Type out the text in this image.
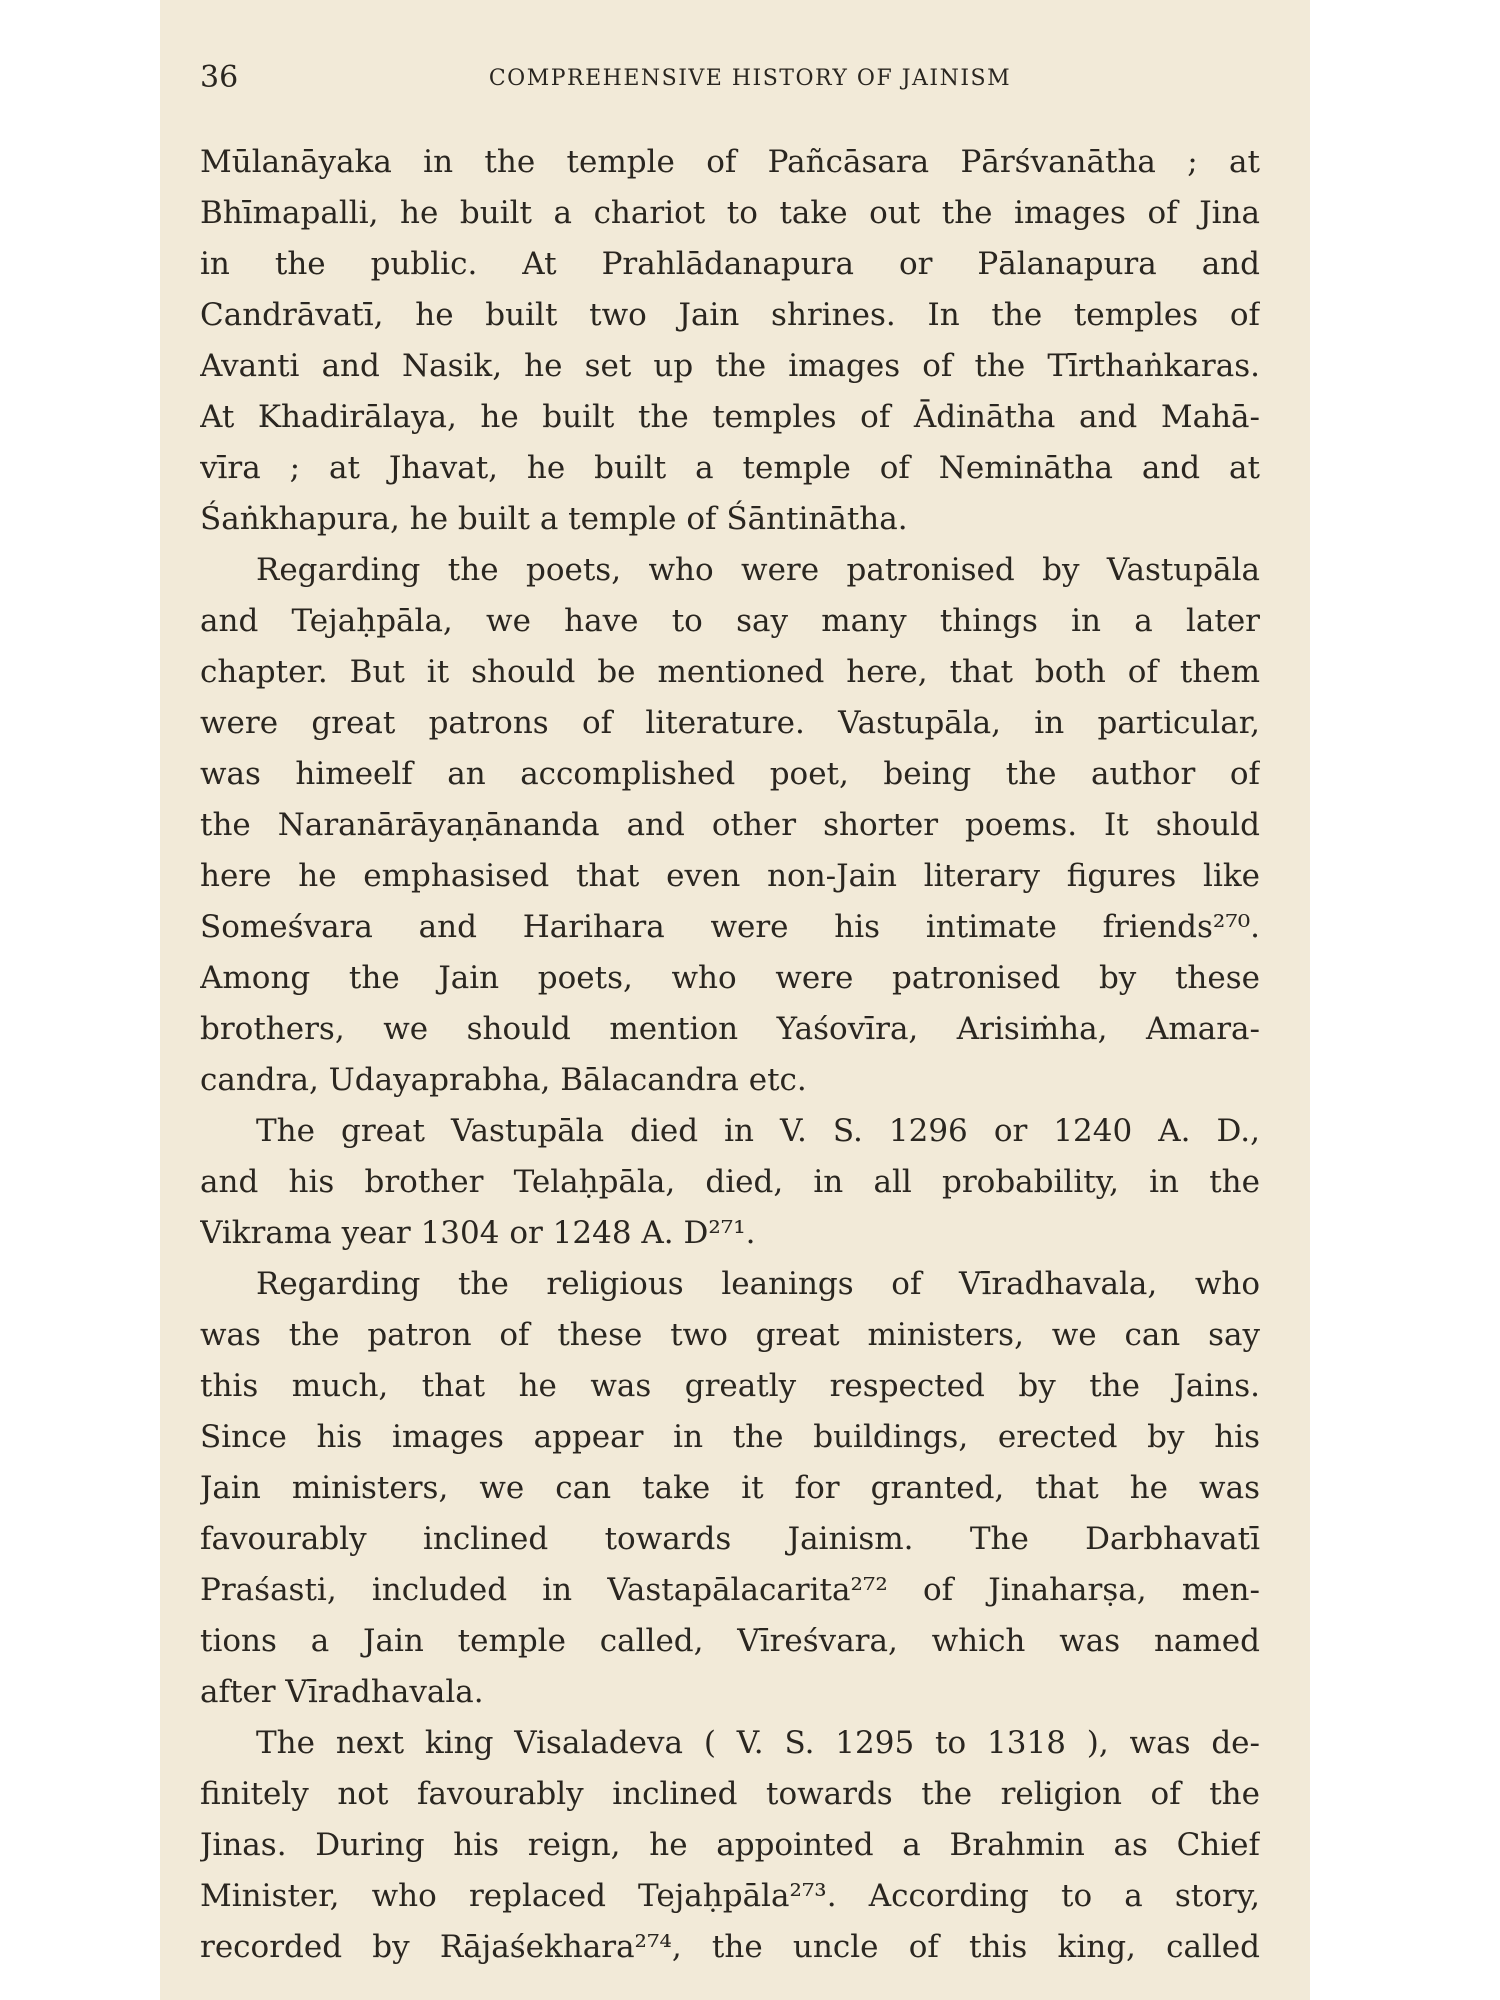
36	COMPREHENSIVE HISTORY OF JAINISM
Mūlanāyaka in the temple of Pañcāsara Pārśvanātha ; at
Bhīmapalli, he built a chariot to take out the images of Jina
in the public. At Prahlādanapura or Pālanapura and
Candrāvatī, he built two Jain shrines. In the temples of
Avanti and Nasik, he set up the images of the Tīrthaṅkaras.
At Khadirālaya, he built the temples of Ādinātha and Mahā-
vīra ; at Jhavat, he built a temple of Neminātha and at
Śaṅkhapura, he built a temple of Śāntinātha.
Regarding the poets, who were patronised by Vastupāla
and Tejaḥpāla, we have to say many things in a later
chapter. But it should be mentioned here, that both of them
were great patrons of literature. Vastupāla, in particular,
was himeelf an accomplished poet, being the author of
the Naranārāyaṇānanda and other shorter poems. It should
here he emphasised that even non-Jain literary figures like
Someśvara and Harihara were his intimate friends²⁷⁰.
Among the Jain poets, who were patronised by these
brothers, we should mention Yaśovīra, Arisiṁha, Amara-
candra, Udayaprabha, Bālacandra etc.
The great Vastupāla died in V. S. 1296 or 1240 A. D.,
and his brother Telaḥpāla, died, in all probability, in the
Vikrama year 1304 or 1248 A. D²⁷¹.
Regarding the religious leanings of Vīradhavala, who
was the patron of these two great ministers, we can say
this much, that he was greatly respected by the Jains.
Since his images appear in the buildings, erected by his
Jain ministers, we can take it for granted, that he was
favourably inclined towards Jainism. The Darbhavatī
Praśasti, included in Vastapālacarita²⁷² of Jinaharṣa, men-
tions a Jain temple called, Vīreśvara, which was named
after Vīradhavala.
The next king Visaladeva ( V. S. 1295 to 1318 ), was de-
finitely not favourably inclined towards the religion of the
Jinas. During his reign, he appointed a Brahmin as Chief
Minister, who replaced Tejaḥpāla²⁷³. According to a story,
recorded by Rājaśekhara²⁷⁴, the uncle of this king, called
